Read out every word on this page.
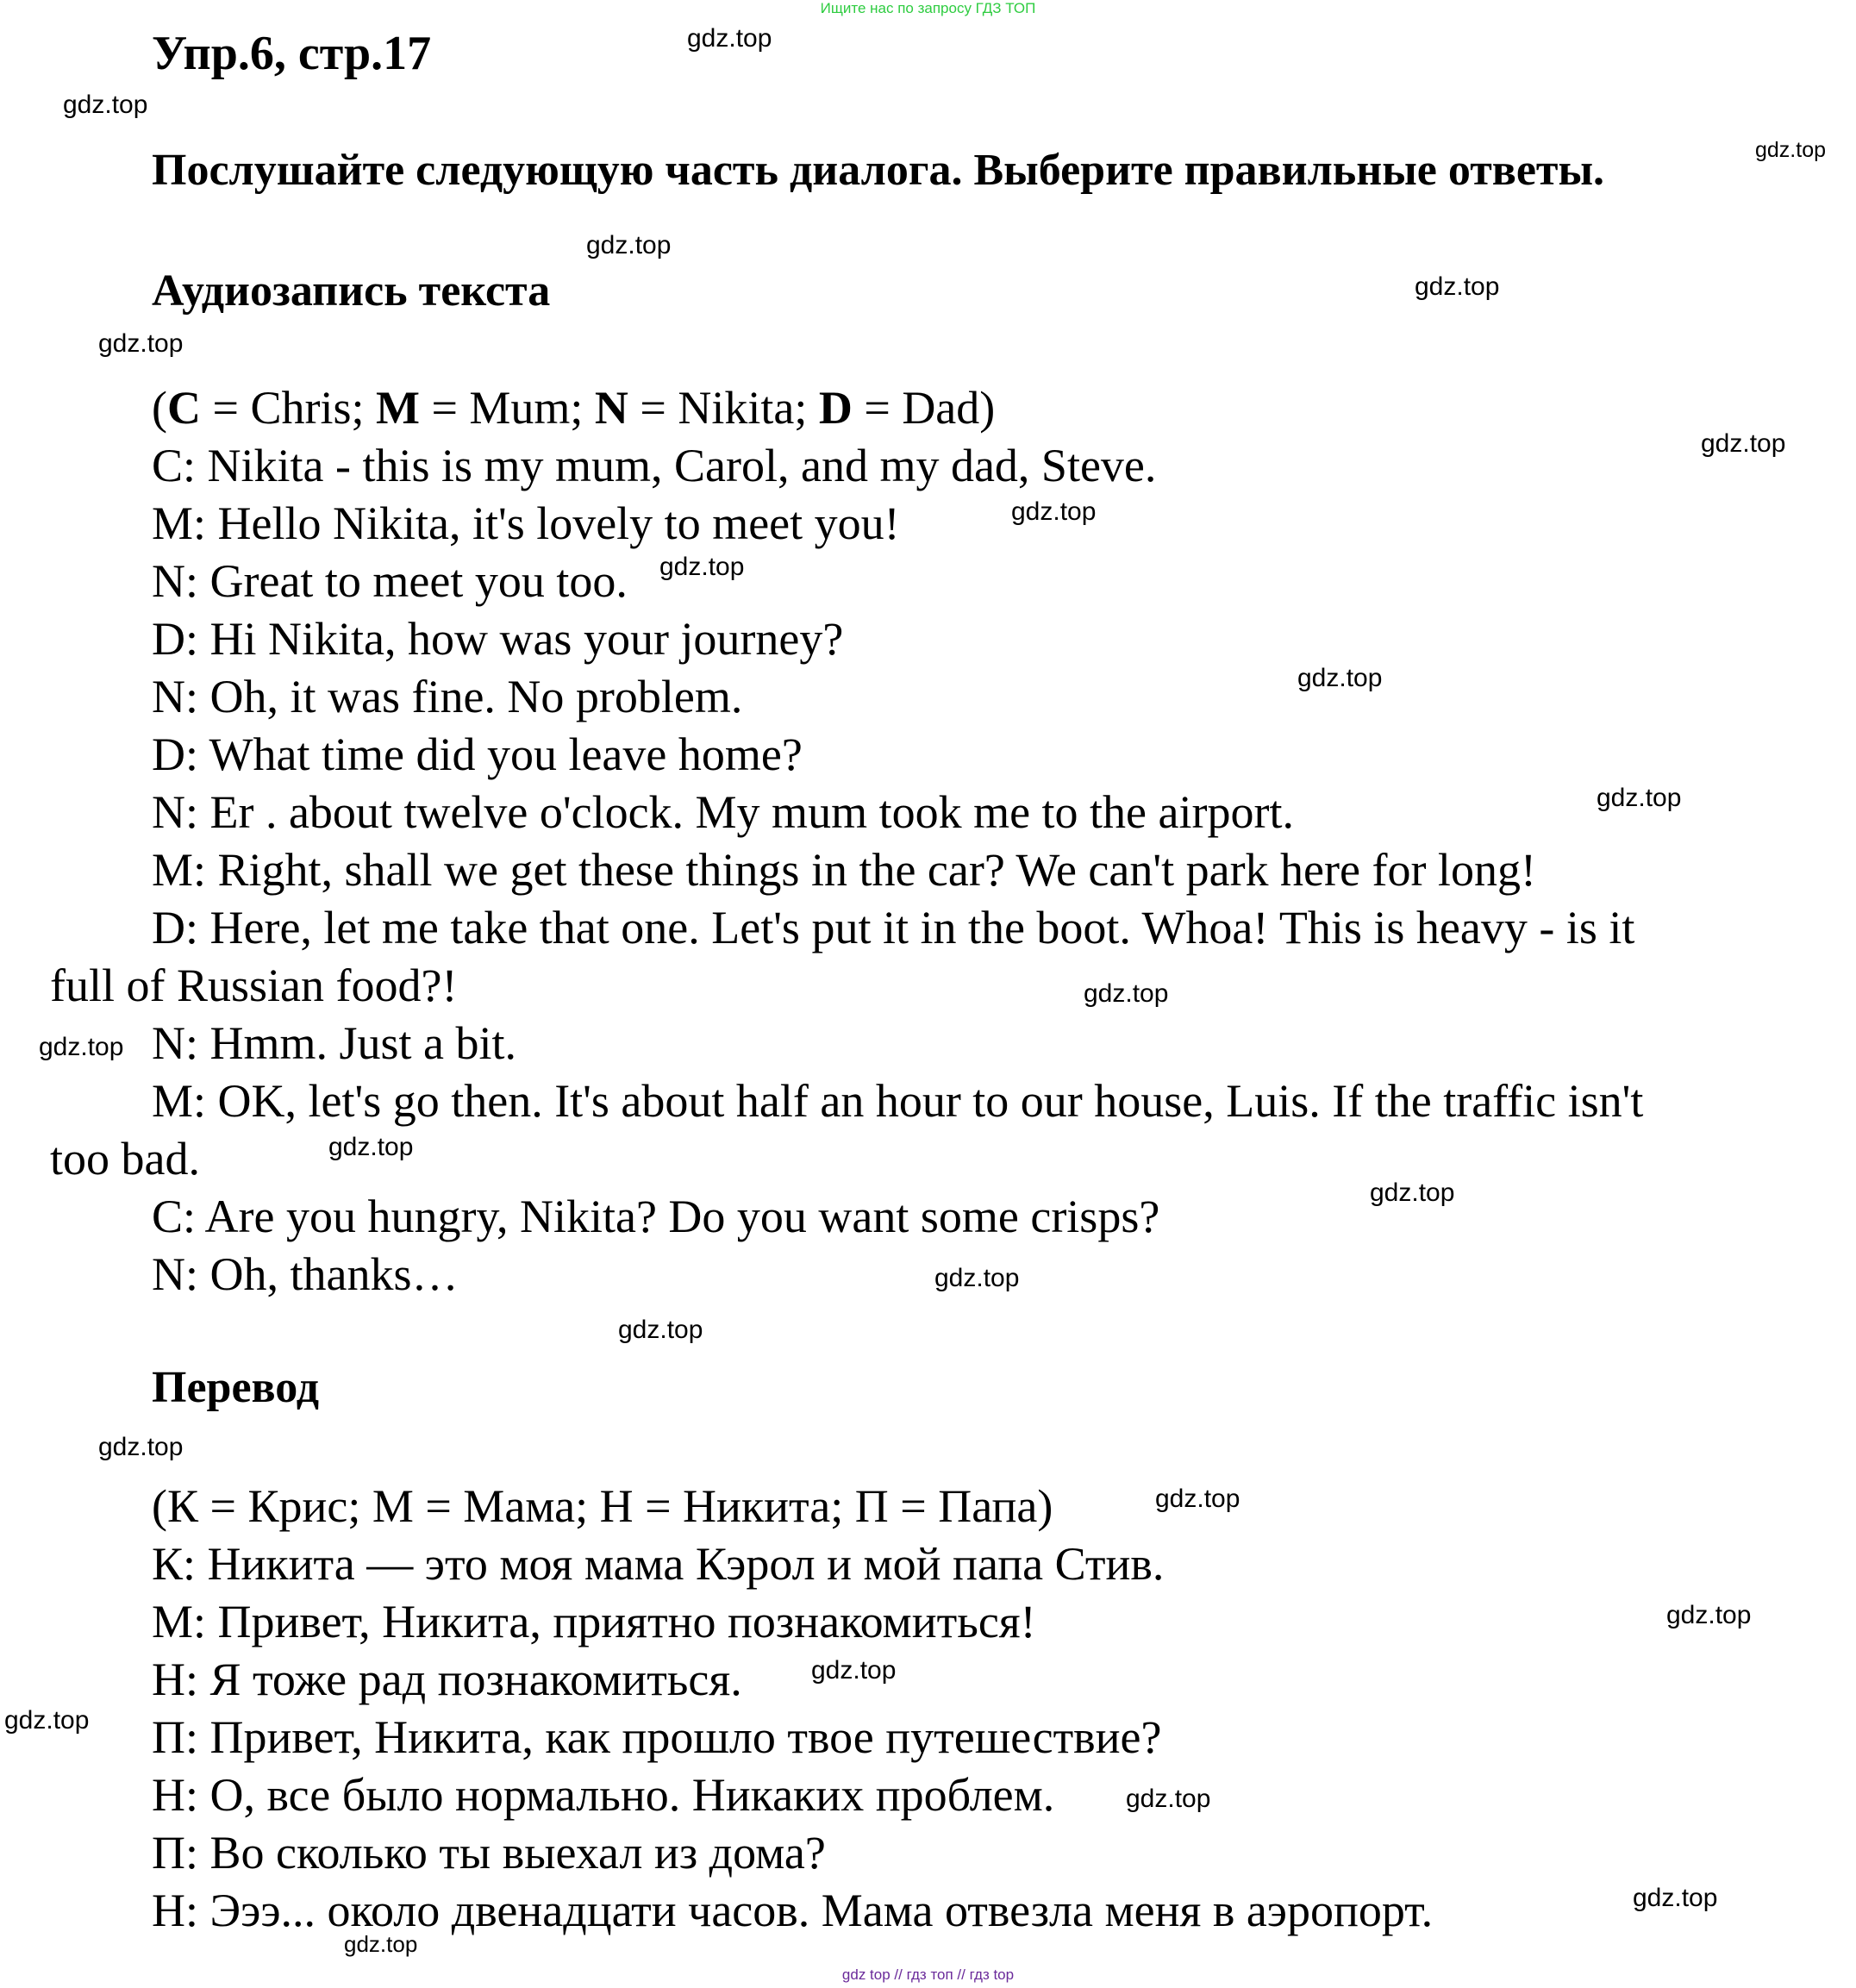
Ищите нас по запросу ГДЗ ТОП
Упр.6, стр.17
Послушайте следующую часть диалога. Выберите правильные ответы.
Аудиозапись текста
(C = Chris; M = Mum; N = Nikita; D = Dad)
C: Nikita - this is my mum, Carol, and my dad, Steve.
M: Hello Nikita, it's lovely to meet you!
N: Great to meet you too.
D: Hi Nikita, how was your journey?
N: Oh, it was fine. No problem.
D: What time did you leave home?
N: Er . about twelve o'clock. My mum took me to the airport.
M: Right, shall we get these things in the car? We can't park here for long!
D: Here, let me take that one. Let's put it in the boot. Whoa! This is heavy - is it
full of Russian food?!
N: Hmm. Just a bit.
M: OK, let's go then. It's about half an hour to our house, Luis. If the traffic isn't
too bad.
C: Are you hungry, Nikita? Do you want some crisps?
N: Oh, thanks…
Перевод
(К = Крис; М = Мама; Н = Никита; П = Папа)
К: Никита — это моя мама Кэрол и мой папа Стив.
М: Привет, Никита, приятно познакомиться!
Н: Я тоже рад познакомиться.
П: Привет, Никита, как прошло твое путешествие?
Н: О, все было нормально. Никаких проблем.
П: Во сколько ты выехал из дома?
Н: Эээ... около двенадцати часов. Мама отвезла меня в аэропорт.
gdz.top
gdz.top
gdz.top
gdz.top
gdz.top
gdz.top
gdz.top
gdz.top
gdz.top
gdz.top
gdz.top
gdz.top
gdz.top
gdz.top
gdz.top
gdz.top
gdz.top
gdz.top
gdz.top
gdz.top
gdz.top
gdz.top
gdz.top
gdz.top
gdz.top
gdz top // гдз топ // гдз top
